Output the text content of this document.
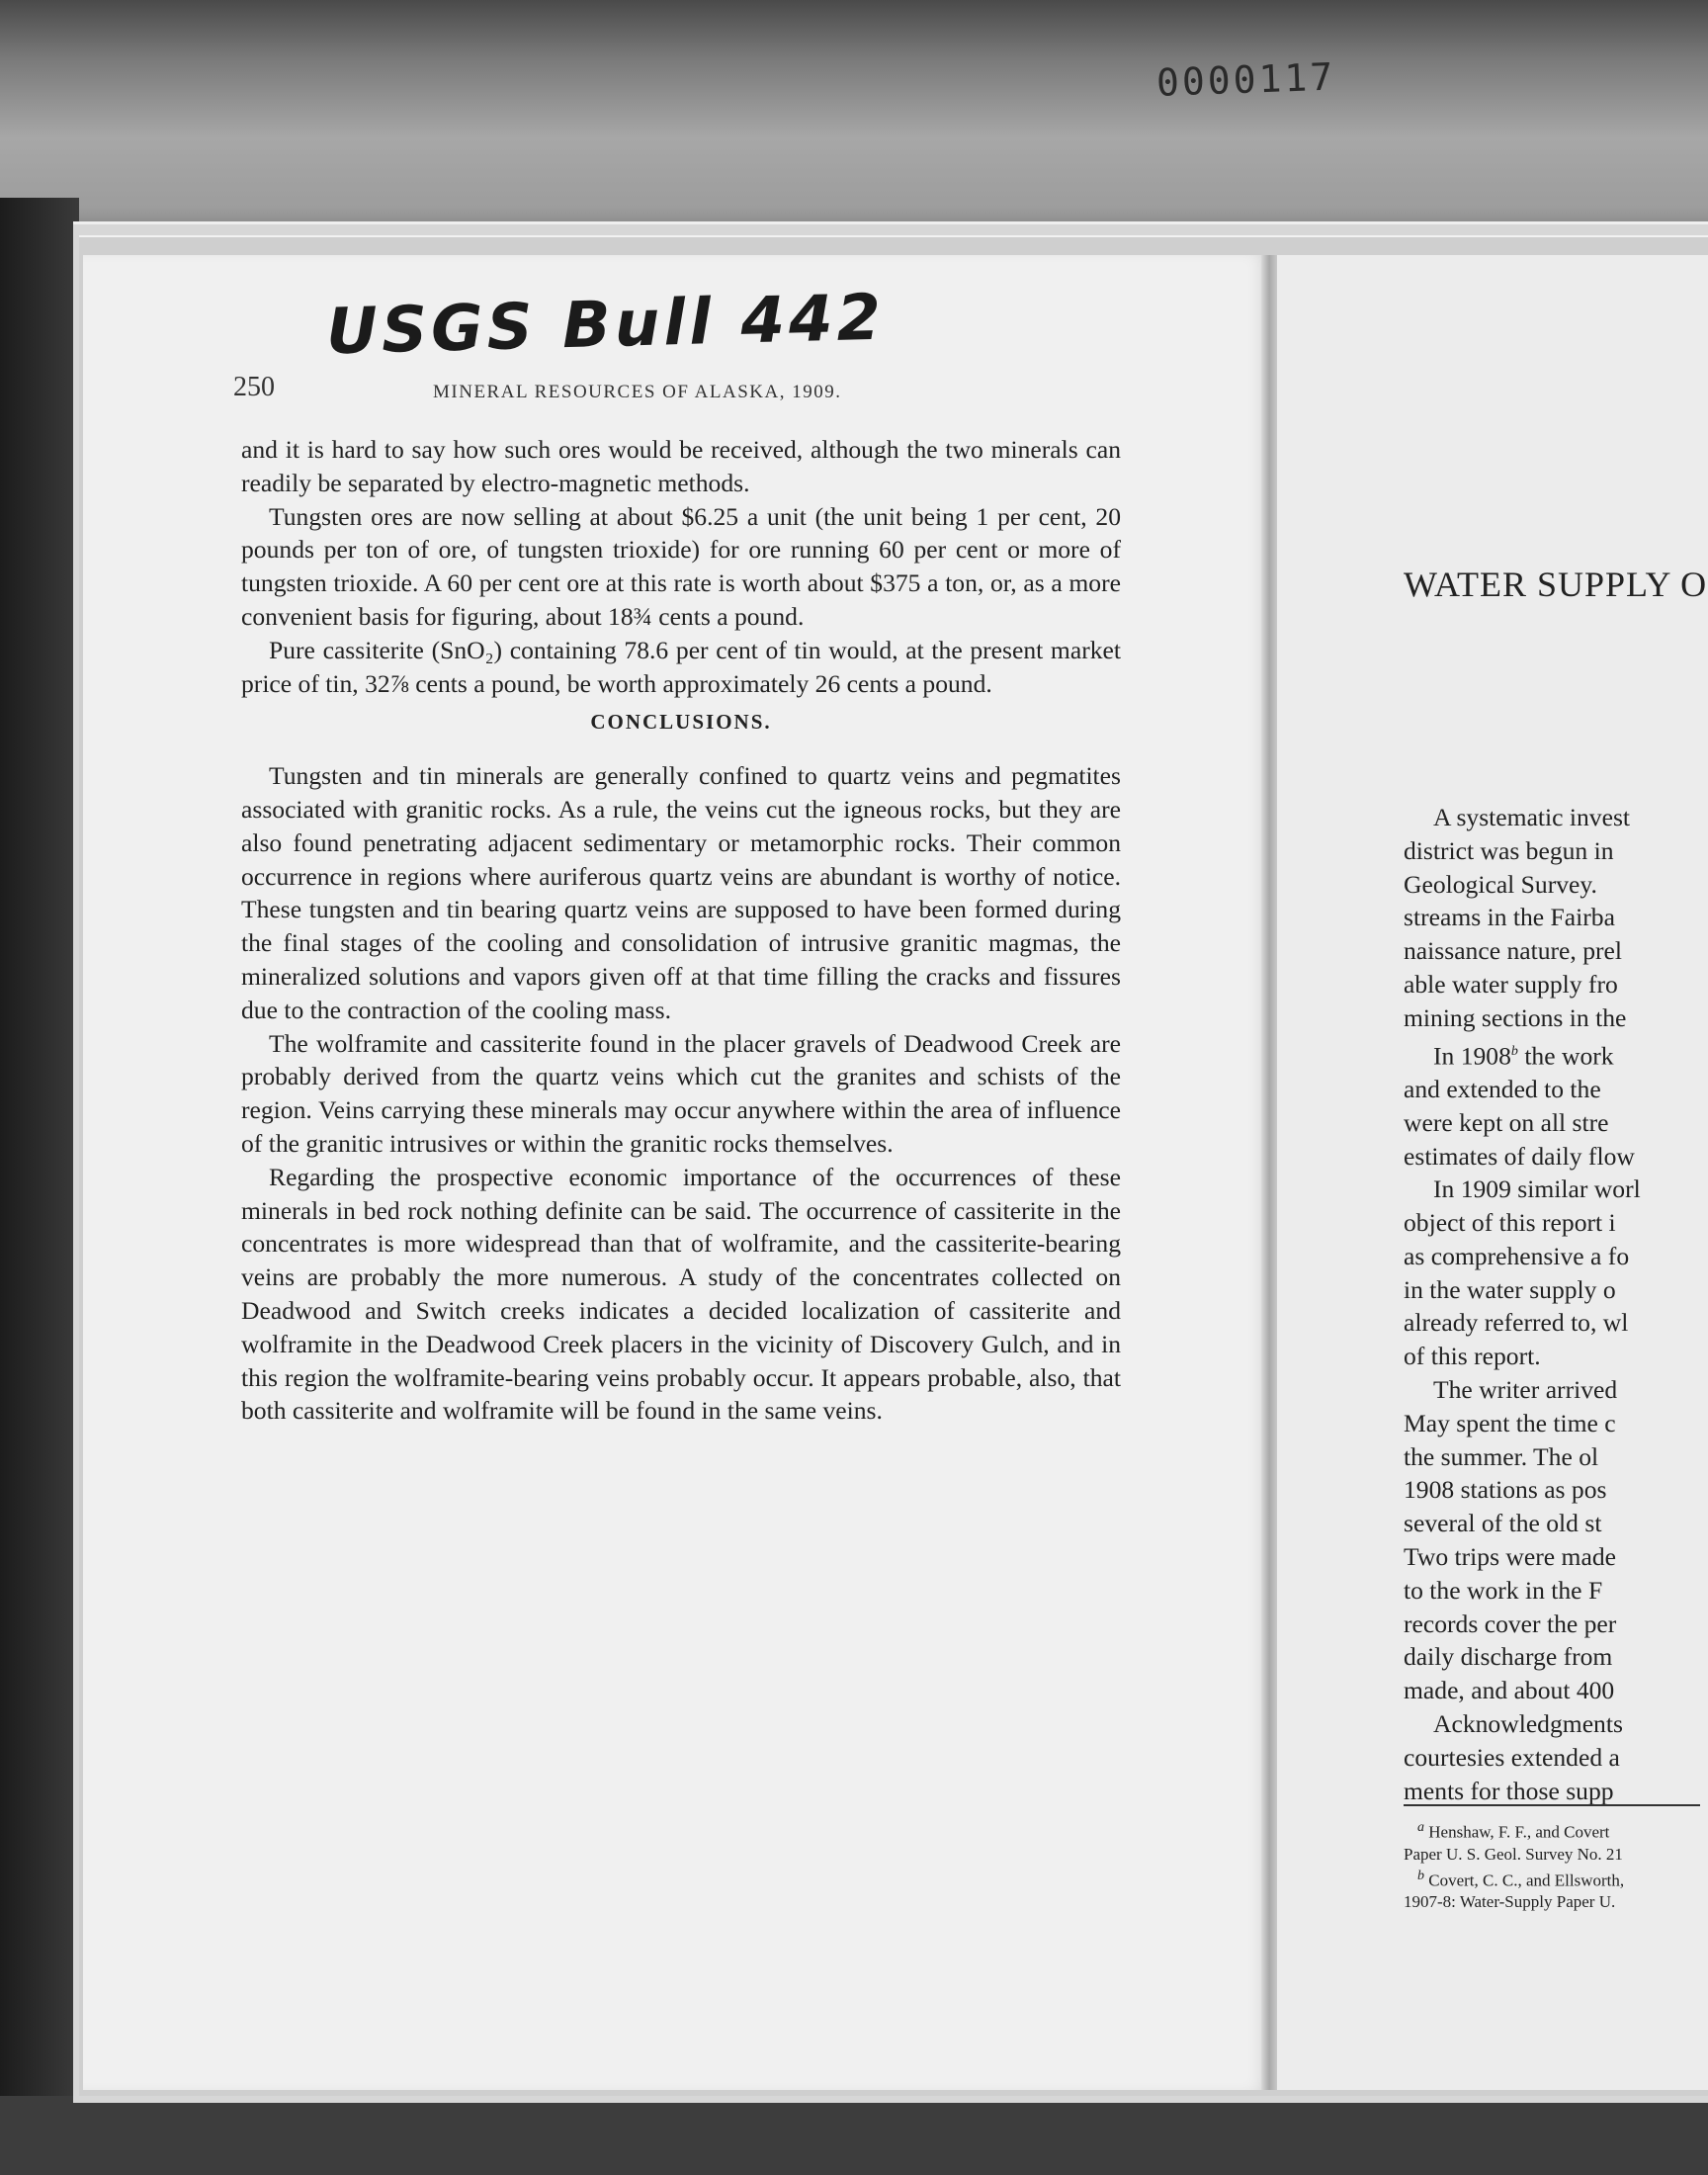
0000117
USGS Bull 442
250	MINERAL RESOURCES OF ALASKA, 1909.

and it is hard to say how such ores would be received, although the two minerals can readily be separated by electro-magnetic methods.

Tungsten ores are now selling at about $6.25 a unit (the unit being 1 per cent, 20 pounds per ton of ore, of tungsten trioxide) for ore running 60 per cent or more of tungsten trioxide. A 60 per cent ore at this rate is worth about $375 a ton, or, as a more convenient basis for figuring, about 18¾ cents a pound.

Pure cassiterite (SnO₂) containing 78.6 per cent of tin would, at the present market price of tin, 32⅞ cents a pound, be worth approximately 26 cents a pound.

CONCLUSIONS.

Tungsten and tin minerals are generally confined to quartz veins and pegmatites associated with granitic rocks. As a rule, the veins cut the igneous rocks, but they are also found penetrating adjacent sedimentary or metamorphic rocks. Their common occurrence in regions where auriferous quartz veins are abundant is worthy of notice. These tungsten and tin bearing quartz veins are supposed to have been formed during the final stages of the cooling and consolidation of intrusive granitic magmas, the mineralized solutions and vapors given off at that time filling the cracks and fissures due to the contraction of the cooling mass.

The wolframite and cassiterite found in the placer gravels of Deadwood Creek are probably derived from the quartz veins which cut the granites and schists of the region. Veins carrying these minerals may occur anywhere within the area of influence of the granitic intrusives or within the granitic rocks themselves.

Regarding the prospective economic importance of the occurrences of these minerals in bed rock nothing definite can be said. The occurrence of cassiterite in the concentrates is more widespread than that of wolframite, and the cassiterite-bearing veins are probably the more numerous. A study of the concentrates collected on Deadwood and Switch creeks indicates a decided localization of cassiterite and wolframite in the Deadwood Creek placers in the vicinity of Discovery Gulch, and in this region the wolframite-bearing veins probably occur. It appears probable, also, that both cassiterite and wolframite will be found in the same veins.

WATER SUPPLY O
A systematic invest
district was begun in
Geological Survey.
streams in the Fairba
naissance nature, prel
able water supply fro
mining sections in the
In 1908$^b$ the work
and extended to the
were kept on all stre
estimates of daily flow
In 1909 similar worl
object of this report i
as comprehensive a fo
in the water supply o
already referred to, wl
of this report.
The writer arrived
May spent the time c
the summer. The ol
1908 stations as pos
several of the old st
Two trips were made
to the work in the F
records cover the per
daily discharge from
made, and about 400
Acknowledgments
courtesies extended a
ments for those supp
$^a$ Henshaw, F. F., and Covert
Paper U. S. Geol. Survey No. 21
$^b$ Covert, C. C., and Ellsworth,
1907-8: Water-Supply Paper U.
